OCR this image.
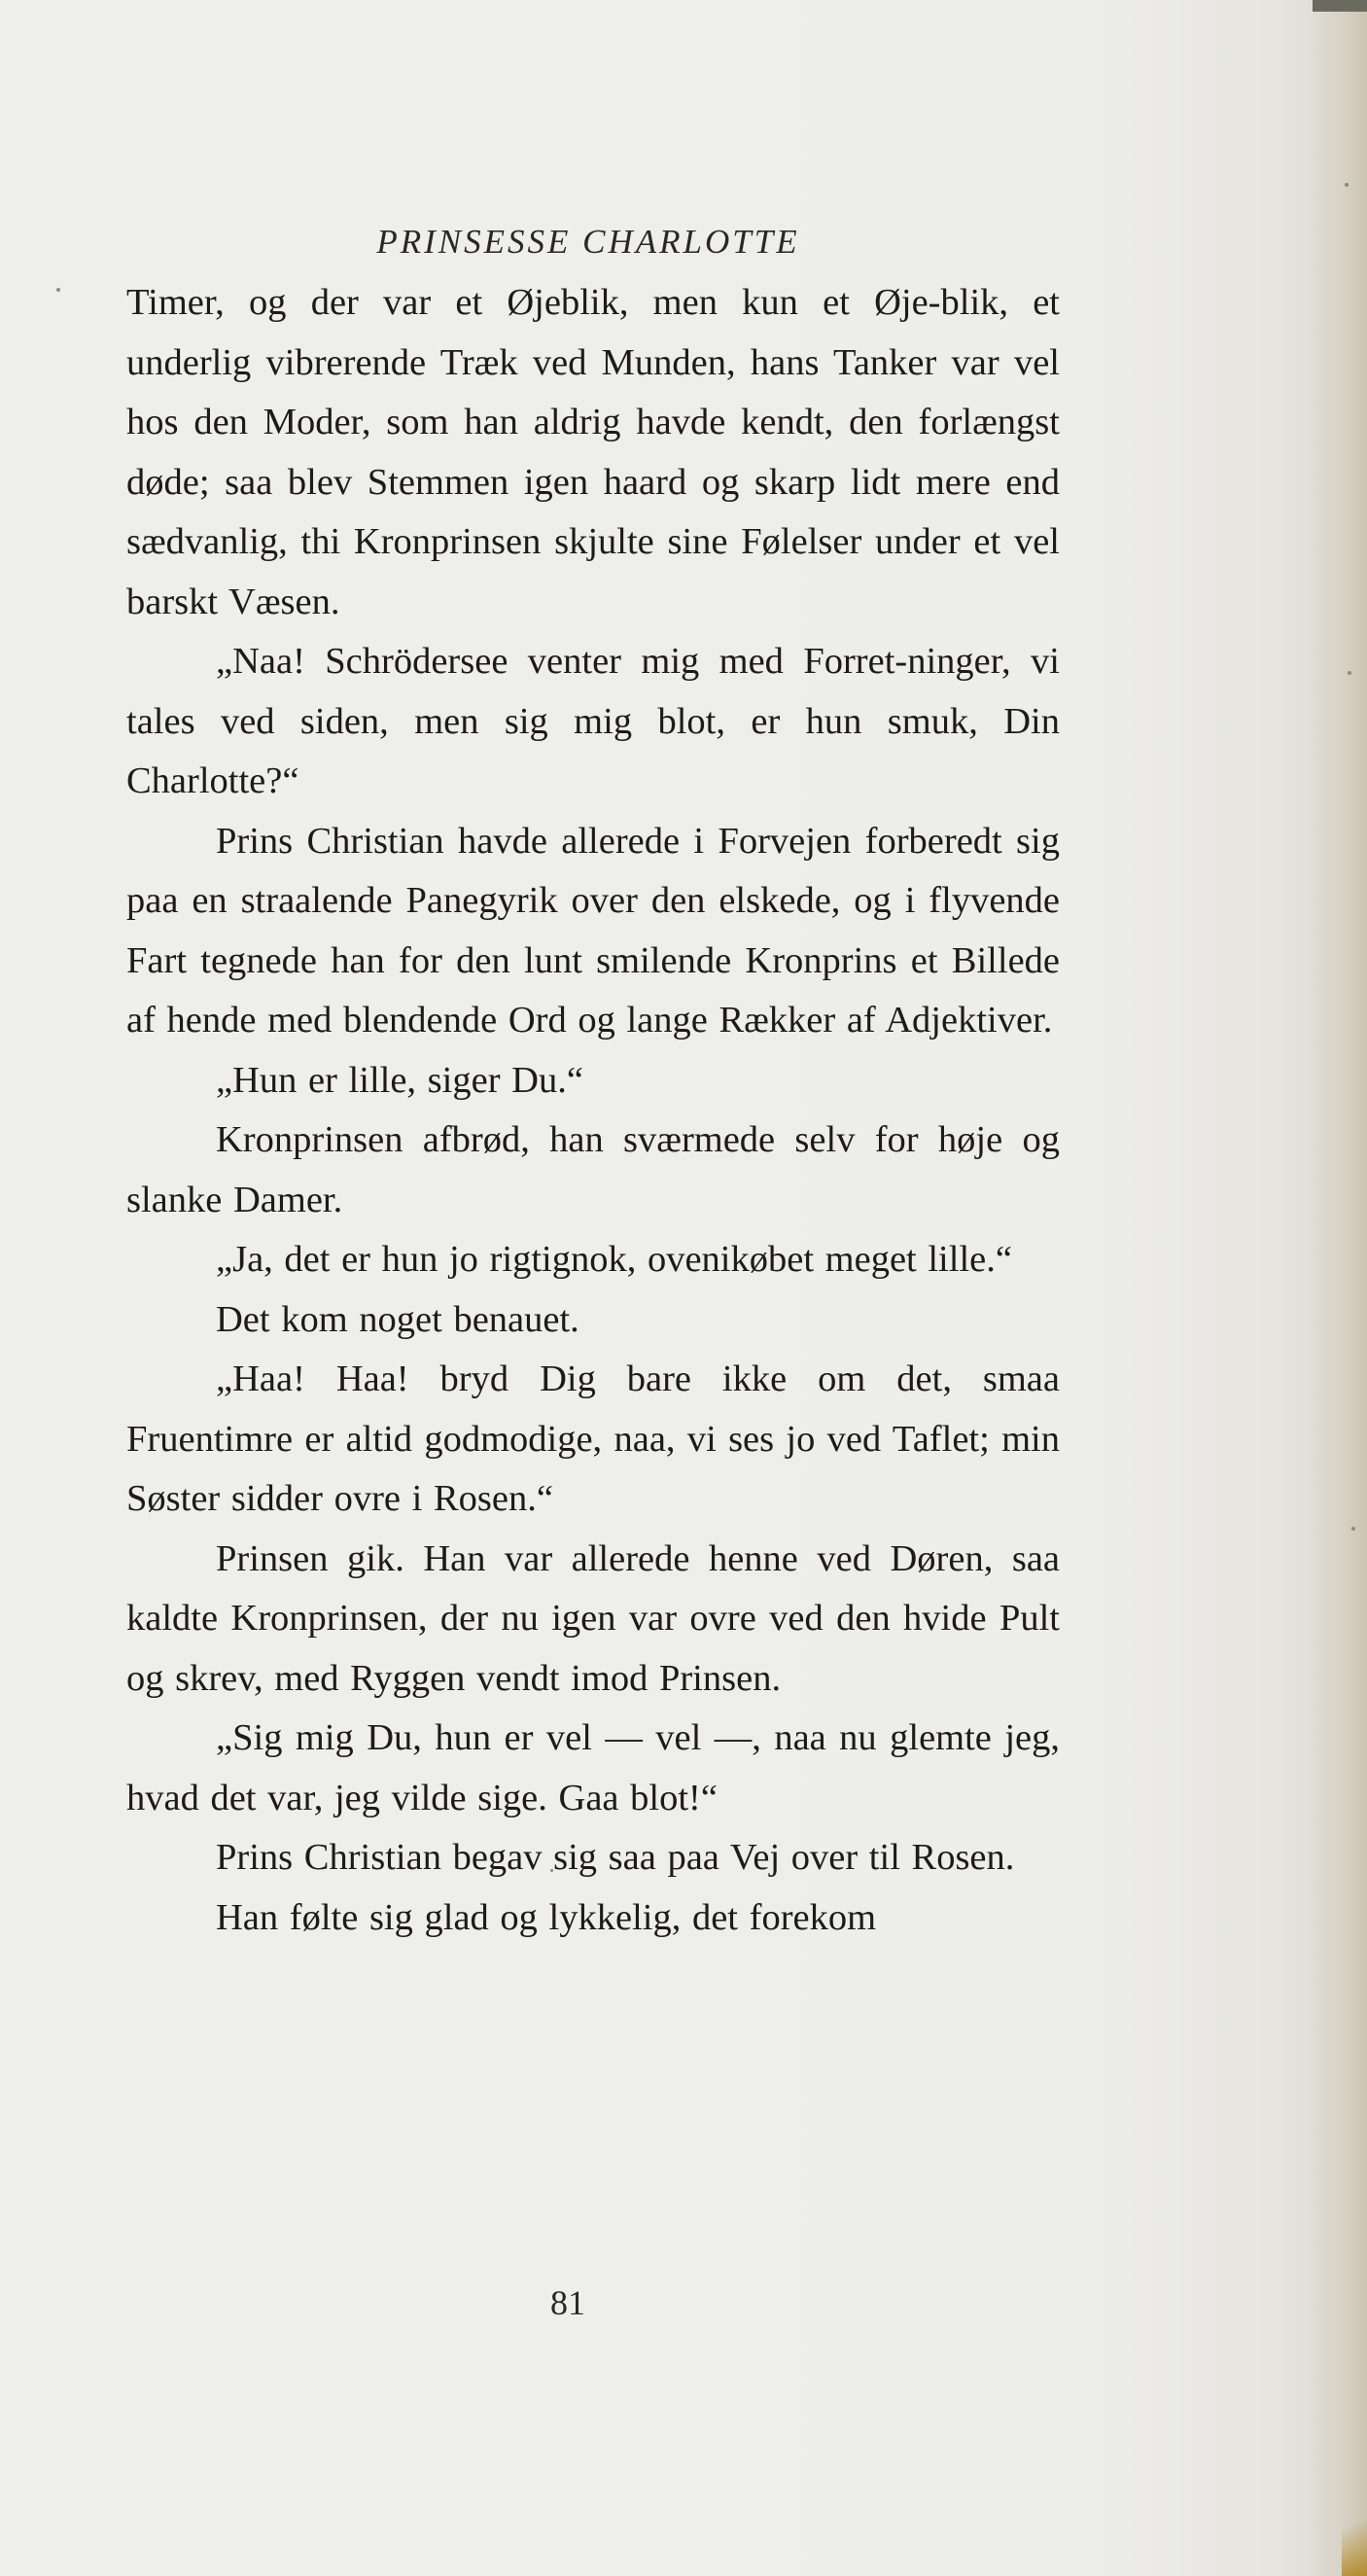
PRINSESSE CHARLOTTE

Timer, og der var et Øjeblik, men kun et Øje-blik, et underlig vibrerende Træk ved Munden, hans Tanker var vel hos den Moder, som han aldrig havde kendt, den forlængst døde; saa blev Stemmen igen haard og skarp lidt mere end sædvanlig, thi Kronprinsen skjulte sine Følelser under et vel barskt Væsen.

„Naa! Schrödersee venter mig med Forret-ninger, vi tales ved siden, men sig mig blot, er hun smuk, Din Charlotte?“

Prins Christian havde allerede i Forvejen forberedt sig paa en straalende Panegyrik over den elskede, og i flyvende Fart tegnede han for den lunt smilende Kronprins et Billede af hende med blendende Ord og lange Rækker af Adjektiver.

„Hun er lille, siger Du.“

Kronprinsen afbrød, han sværmede selv for høje og slanke Damer.

„Ja, det er hun jo rigtignok, ovenikøbet meget lille.“

Det kom noget benauet.

„Haa! Haa! bryd Dig bare ikke om det, smaa Fruentimre er altid godmodige, naa, vi ses jo ved Taflet; min Søster sidder ovre i Rosen.“

Prinsen gik. Han var allerede henne ved Døren, saa kaldte Kronprinsen, der nu igen var ovre ved den hvide Pult og skrev, med Ryggen vendt imod Prinsen.

„Sig mig Du, hun er vel — vel —, naa nu glemte jeg, hvad det var, jeg vilde sige. Gaa blot!“

Prins Christian begav sig saa paa Vej over til Rosen.

Han følte sig glad og lykkelig, det forekom

81
